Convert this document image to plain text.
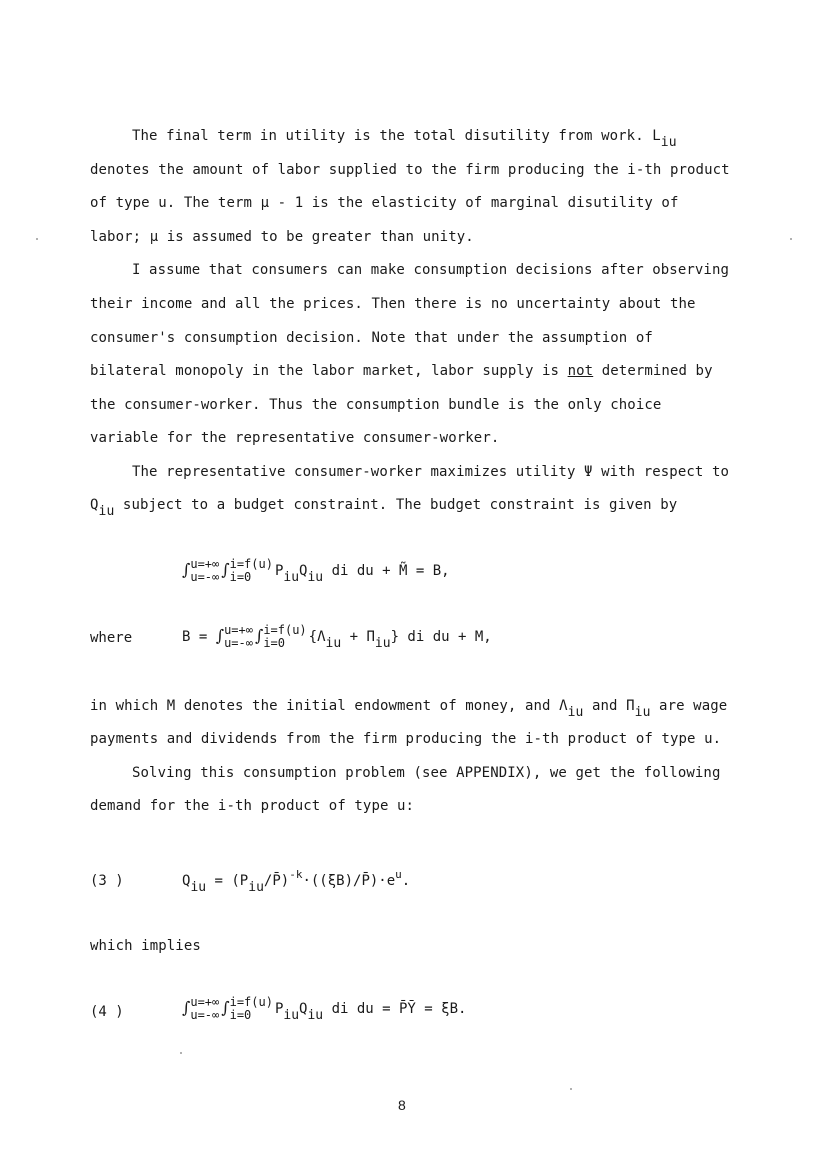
The final term in utility is the total disutility from work. Liu
denotes the amount of labor supplied to the firm producing the i-th product
of type u. The term μ - 1 is the elasticity of marginal disutility of
labor; μ is assumed to be greater than unity.
I assume that consumers can make consumption decisions after observing
their income and all the prices. Then there is no uncertainty about the
consumer's consumption decision. Note that under the assumption of
bilateral monopoly in the labor market, labor supply is not determined by
the consumer-worker. Thus the consumption bundle is the only choice
variable for the representative consumer-worker.
The representative consumer-worker maximizes utility Ψ with respect to
Qiu subject to a budget constraint. The budget constraint is given by
∫u=+∞
u=-∞ ∫i=f(u)
i=0 PiuQiu di du + M̃ = B,
where	B = ∫u=+∞
u=-∞ ∫i=f(u)
i=0 {Λiu + Πiu} di du + M,
in which M denotes the initial endowment of money, and Λiu and Πiu are wage
payments and dividends from the firm producing the i-th product of type u.
Solving this consumption problem (see APPENDIX), we get the following
demand for the i-th product of type u:
(3 )	Qiu = $(Piu/P̄)^{-k}\cdot((\xi B)/P̄)\cdot e^u$.
which implies
(4 )	∫u=+∞
u=-∞ ∫i=f(u)
i=0 PiuQiu di du = P̄Ȳ = ξB.
8
